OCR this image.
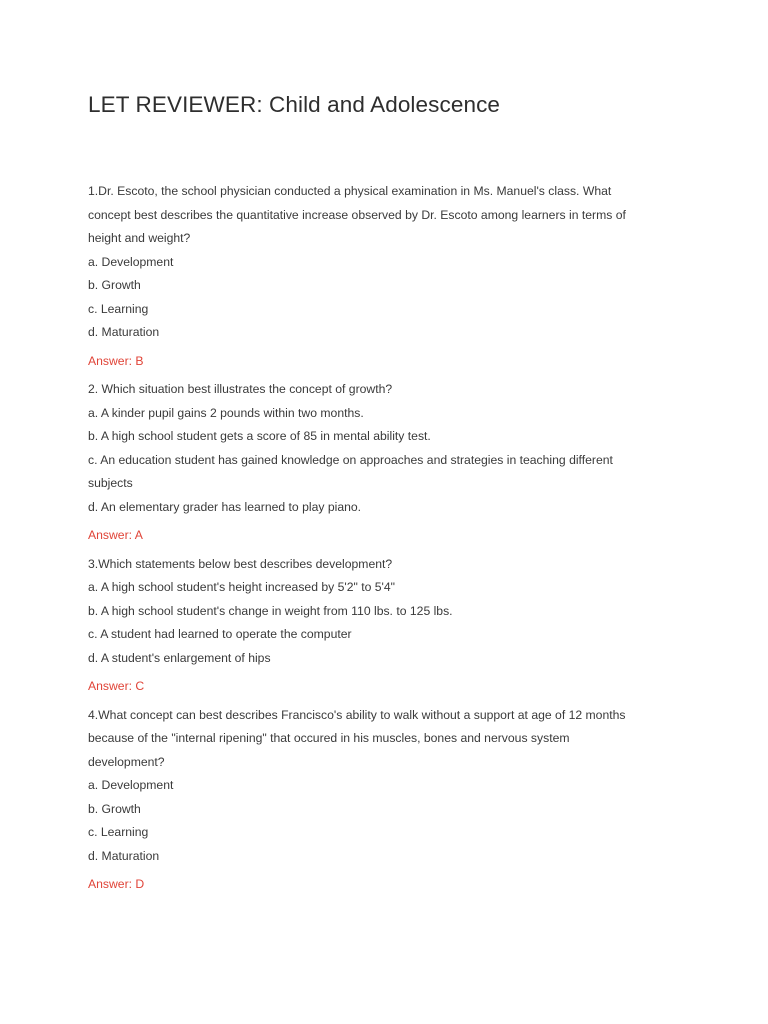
LET REVIEWER: Child and Adolescence
1.Dr. Escoto, the school physician conducted a physical examination in Ms. Manuel's class. What
concept best describes the quantitative increase observed by Dr. Escoto among learners in terms of
height and weight?
a. Development
b. Growth
c. Learning
d. Maturation
Answer: B
2. Which situation best illustrates the concept of growth?
a. A kinder pupil gains 2 pounds within two months.
b. A high school student gets a score of 85 in mental ability test.
c. An education student has gained knowledge on approaches and strategies in teaching different
subjects
d. An elementary grader has learned to play piano.
Answer: A
3.Which statements below best describes development?
a. A high school student's height increased by 5'2" to 5'4"
b. A high school student's change in weight from 110 lbs. to 125 lbs.
c. A student had learned to operate the computer
d. A student's enlargement of hips
Answer: C
4.What concept can best describes Francisco's ability to walk without a support at age of 12 months
because of the "internal ripening" that occured in his muscles, bones and nervous system
development?
a. Development
b. Growth
c. Learning
d. Maturation
Answer: D
